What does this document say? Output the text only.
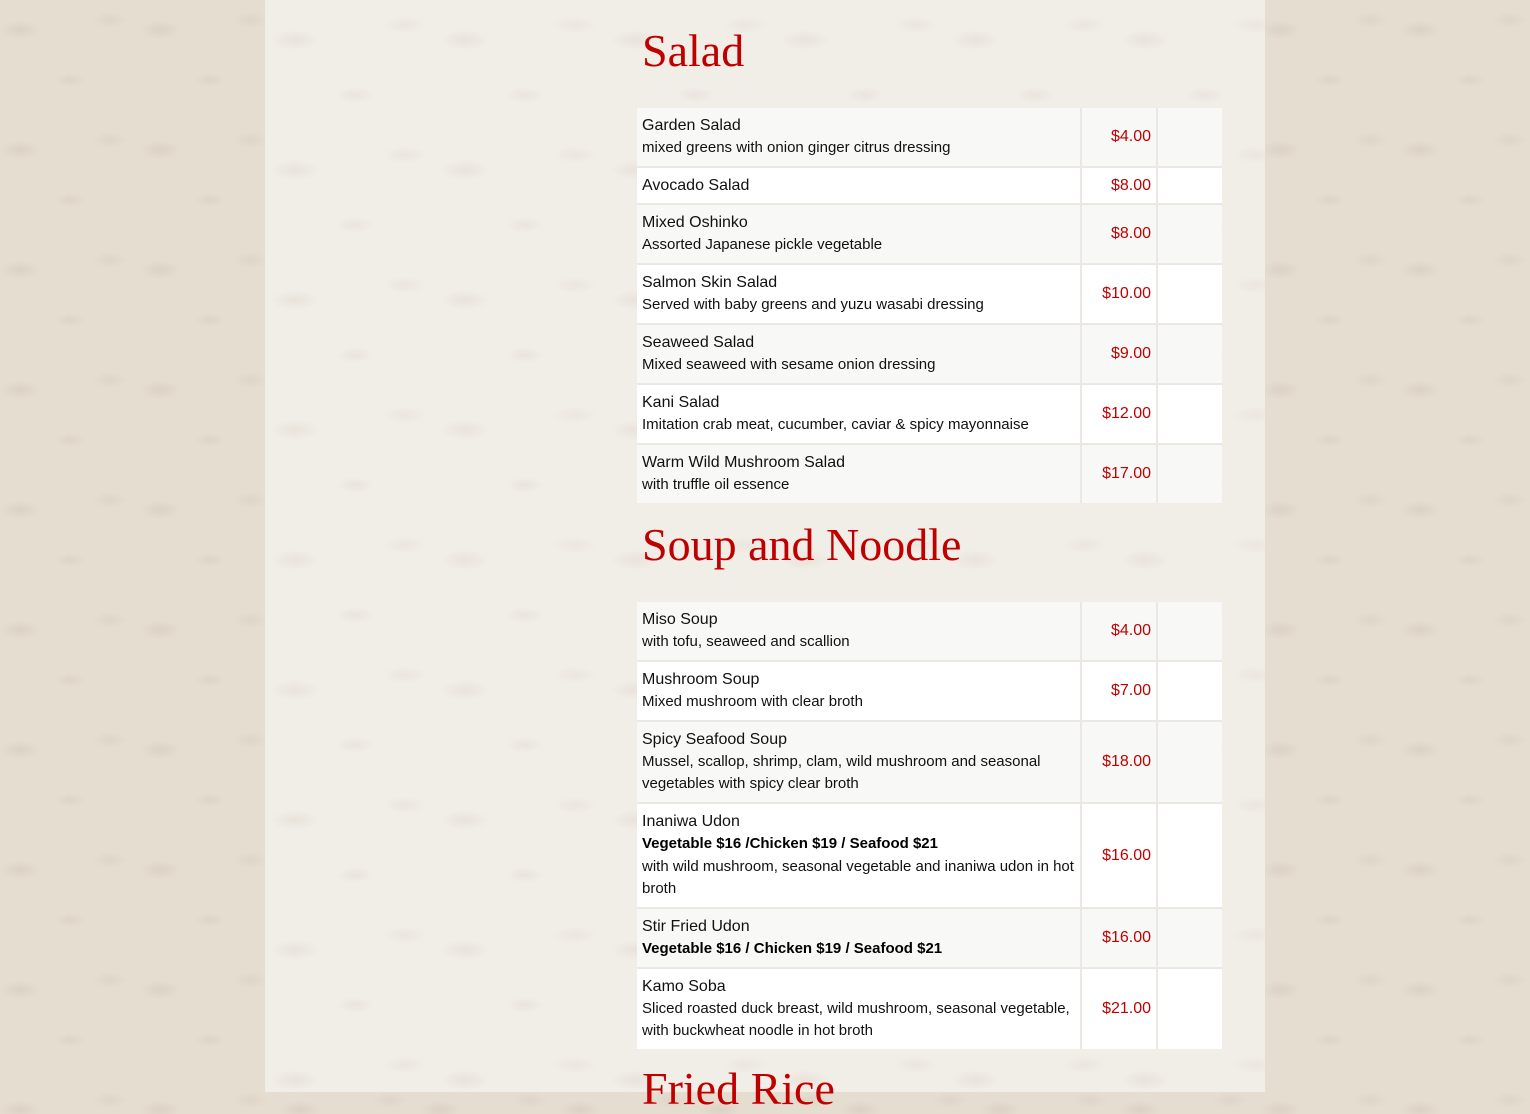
Salad
Garden Salad
mixed greens with onion ginger citrus dressing	$4.00	

Avocado Salad	$8.00	

Mixed Oshinko
Assorted Japanese pickle vegetable	$8.00	

Salmon Skin Salad
Served with baby greens and yuzu wasabi dressing	$10.00	

Seaweed Salad
Mixed seaweed with sesame onion dressing	$9.00	

Kani Salad
Imitation crab meat, cucumber, caviar & spicy mayonnaise	$12.00	

Warm Wild Mushroom Salad
with truffle oil essence	$17.00	
Soup and Noodle
Miso Soup
with tofu, seaweed and scallion	$4.00	

Mushroom Soup
Mixed mushroom with clear broth	$7.00	

Spicy Seafood Soup
Mussel, scallop, shrimp, clam, wild mushroom and seasonal vegetables with spicy clear broth	$18.00	

Inaniwa Udon
Vegetable $16 /Chicken $19 / Seafood $21
with wild mushroom, seasonal vegetable and inaniwa udon in hot broth	$16.00	

Stir Fried Udon
Vegetable $16 / Chicken $19 / Seafood $21	$16.00	

Kamo Soba
Sliced roasted duck breast, wild mushroom, seasonal vegetable, with buckwheat noodle in hot broth	$21.00	
Fried Rice
